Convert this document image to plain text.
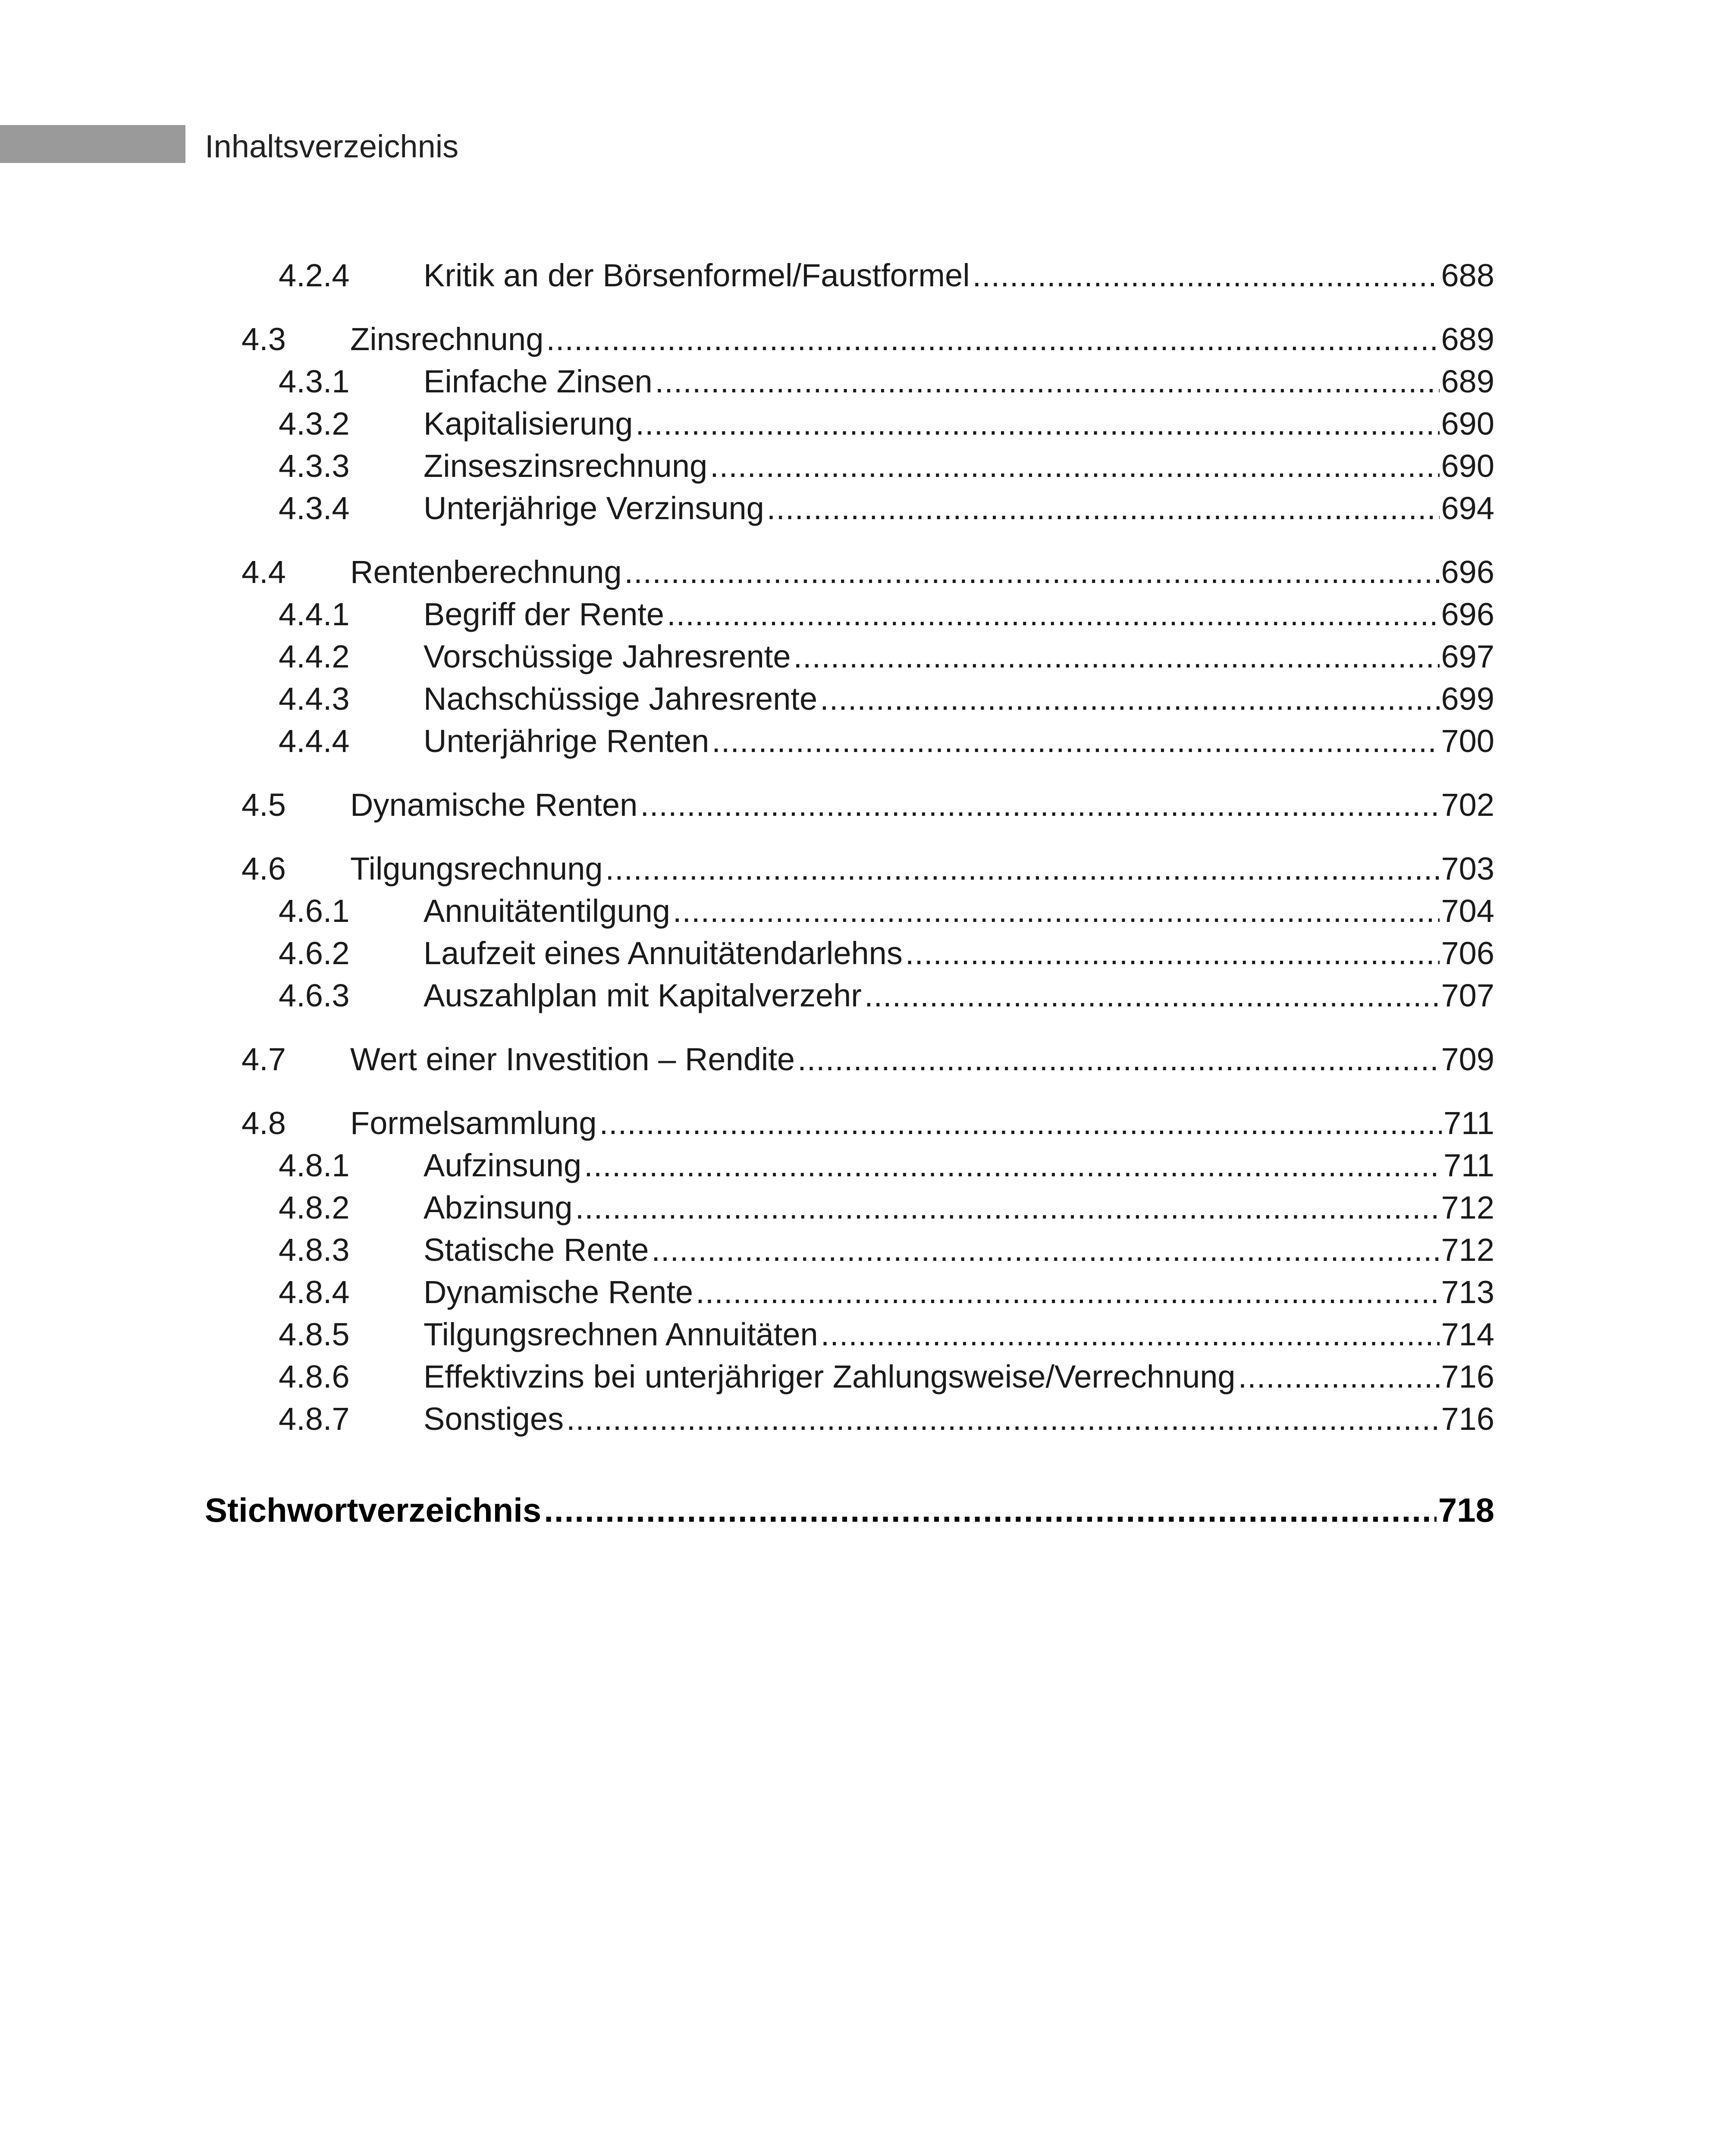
Inhaltsverzeichnis
4.2.4 Kritik an der Börsenformel/Faustformel .....	688
4.3 Zinsrechnung .....	689
4.3.1 Einfache Zinsen .....	689
4.3.2 Kapitalisierung .....	690
4.3.3 Zinseszinsrechnung .....	690
4.3.4 Unterjährige Verzinsung .....	694
4.4 Rentenberechnung .....	696
4.4.1 Begriff der Rente .....	696
4.4.2 Vorschüssige Jahresrente .....	697
4.4.3 Nachschüssige Jahresrente .....	699
4.4.4 Unterjährige Renten .....	700
4.5 Dynamische Renten .....	702
4.6 Tilgungsrechnung .....	703
4.6.1 Annuitätentilgung .....	704
4.6.2 Laufzeit eines Annuitätendarlehns .....	706
4.6.3 Auszahlplan mit Kapitalverzehr .....	707
4.7 Wert einer Investition – Rendite .....	709
4.8 Formelsammlung .....	711
4.8.1 Aufzinsung .....	711
4.8.2 Abzinsung .....	712
4.8.3 Statische Rente .....	712
4.8.4 Dynamische Rente .....	713
4.8.5 Tilgungsrechnen Annuitäten .....	714
4.8.6 Effektivzins bei unterjähriger Zahlungsweise/Verrechnung .....	716
4.8.7 Sonstiges .....	716
Stichwortverzeichnis .....	718
